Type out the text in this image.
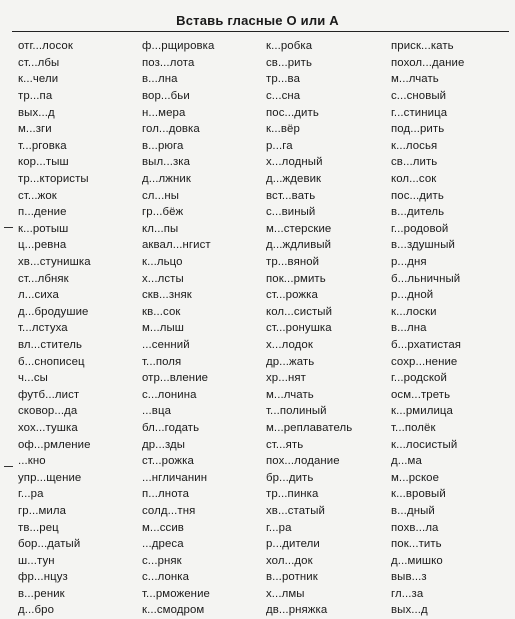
Вставь гласные О или А
отг...лосок	ф...рщировка	к...робка	приск...кать
ст...лбы	поз...лота	св...рить	похол...дание
к...чели	в...лна	тр...ва	м...лчать
тр...па	вор...бьи	с...сна	с...сновый
вых...д	н...мера	пос...дить	г...стиница
м...зги	гол...довка	к...вёр	под...рить
т...рговка	в...рюга	р...га	к...лосья
кор...тыш	выл...зка	х...лодный	св...лить
тр...ктористы	д...лжник	д...ждевик	кол...сок
ст...жок	сл...ны	вст...вать	пос...дить
п...дение	гр...бёж	с...виный	в...дитель
к...ротыш	кл...пы	м...стерские	г...родовой
ц...ревна	аквал...нгист	д...ждливый	в...здушный
хв...стунишка	к...льцо	тр...вяной	р...дня
ст...лбняк	х...лсты	пок...рмить	б...льничный
л...сиха	скв...зняк	ст...рожка	р...дной
д...бродушие	кв...сок	кол...систый	к...лоски
т...лстуха	м...лыш	ст...ронушка	в...лна
вл...ститель	...сенний	х...лодок	б...рхатистая
б...снописец	т...поля	др...жать	сохр...нение
ч...сы	отр...вление	хр...нят	г...родской
футб...лист	с...лонина	м...лчать	осм...треть
сковор...да	...вца	т...полиный	к...рмилица
хох...тушка	бл...годать	м...реплаватель	т...полёк
оф...рмление	др...зды	ст...ять	к...лосистый
...кно	ст...рожка	пох...лодание	д...ма
упр...щение	...нгличанин	бр...дить	м...рское
г...ра	п...лнота	тр...пинка	к...вровый
гр...мила	солд...тня	хв...статый	в...дный
тв...рец	м...ссив	г...ра	похв...ла
бор...датый	...дреса	р...дители	пок...тить
ш...тун	с...рняк	хол...док	д...мишко
фр...нцуз	с...лонка	в...ротник	выв...з
в...реник	т...рможение	х...лмы	гл...за
д...бро	к...смодром	дв...рняжка	вых...д
